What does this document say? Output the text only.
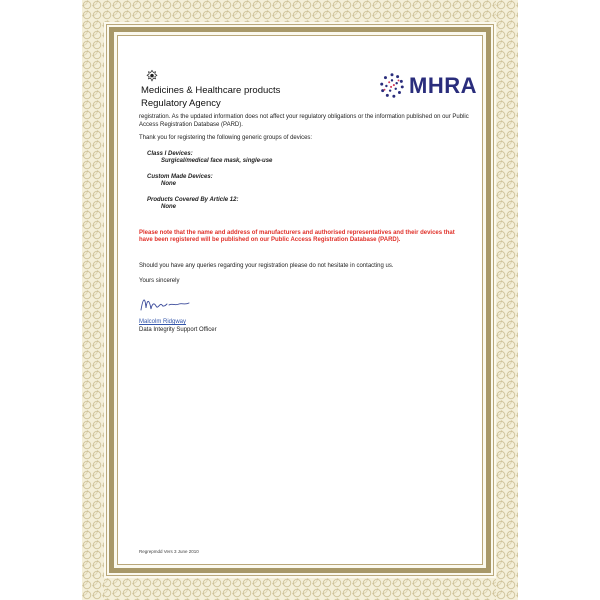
Medicines & Healthcare products
Regulatory Agency
MHRA

registration. As the updated information does not affect your regulatory obligations or the information published on our Public Access Registration Database (PARD).

Thank you for registering the following generic groups of devices:

Class I Devices:
Surgical/medical face mask, single-use
Custom Made Devices:
None
Products Covered By Article 12:
None

Please note that the name and address of manufacturers and authorised representatives and their devices that have been registered will be published on our Public Access Registration Database (PARD).

Should you have any queries regarding your registration please do not hesitate in contacting us.

Yours sincerely

Malcolm Ridgway
Data Integrity Support Officer
Regrepmdd Vers 3 June 2010
